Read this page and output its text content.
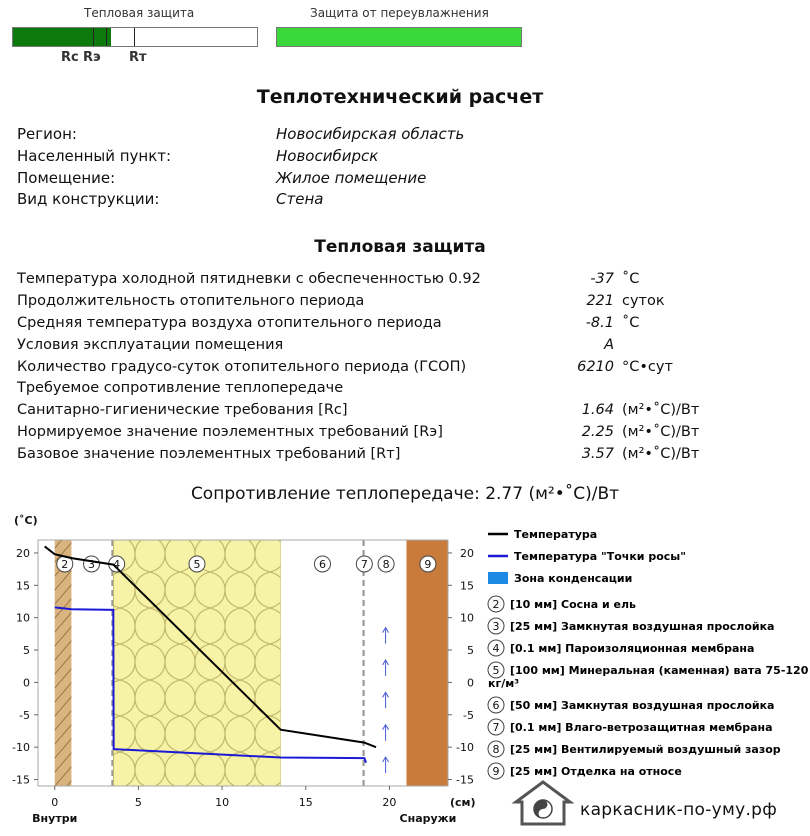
Тепловая защита	Защита от переувлажнения
Rc Rэ Rт
Теплотехнический расчет
Регион:	Новосибирская область
Населенный пункт:	Новосибирск
Помещение:	Жилое помещение
Вид конструкции:	Стена
Тепловая защита
Температура холодной пятидневки с обеспеченностью 0.92	-37 ˚С
Продолжительность отопительного периода	221 суток
Средняя температура воздуха отопительного периода	-8.1 ˚С
Условия эксплуатации помещения	А
Количество градусо-суток отопительного периода (ГСОП)	6210 °С•сут
Требуемое сопротивление теплопередаче
Санитарно-гигиенические требования [Rc]	1.64 (м²•˚С)/Вт
Нормируемое значение поэлементных требований [Rэ]	2.25 (м²•˚С)/Вт
Базовое значение поэлементных требований [Rт]	3.57 (м²•˚С)/Вт
Сопротивление теплопередаче: 2.77 (м²•˚С)/Вт
2 3 4	5	6	7 8	9
20	20
15	15
10	10
5	5
0	0
-5	-5
-10	-10
-15	-15
0	5	10	15	20
(˚С)
(см)
Внутри	Снаружи
Температура
Температура "Точки росы"
Зона конденсации
2 [10 мм] Сосна и ель
3 [25 мм] Замкнутая воздушная прослойка
4 [0.1 мм] Пароизоляционная мембрана
5 [100 мм] Минеральная (каменная) вата 75-120
кг/м³
6 [50 мм] Замкнутая воздушная прослойка
7 [0.1 мм] Влаго-ветрозащитная мембрана
8 [25 мм] Вентилируемый воздушный зазор
9 [25 мм] Отделка на относе
каркасник-по-уму.рф
